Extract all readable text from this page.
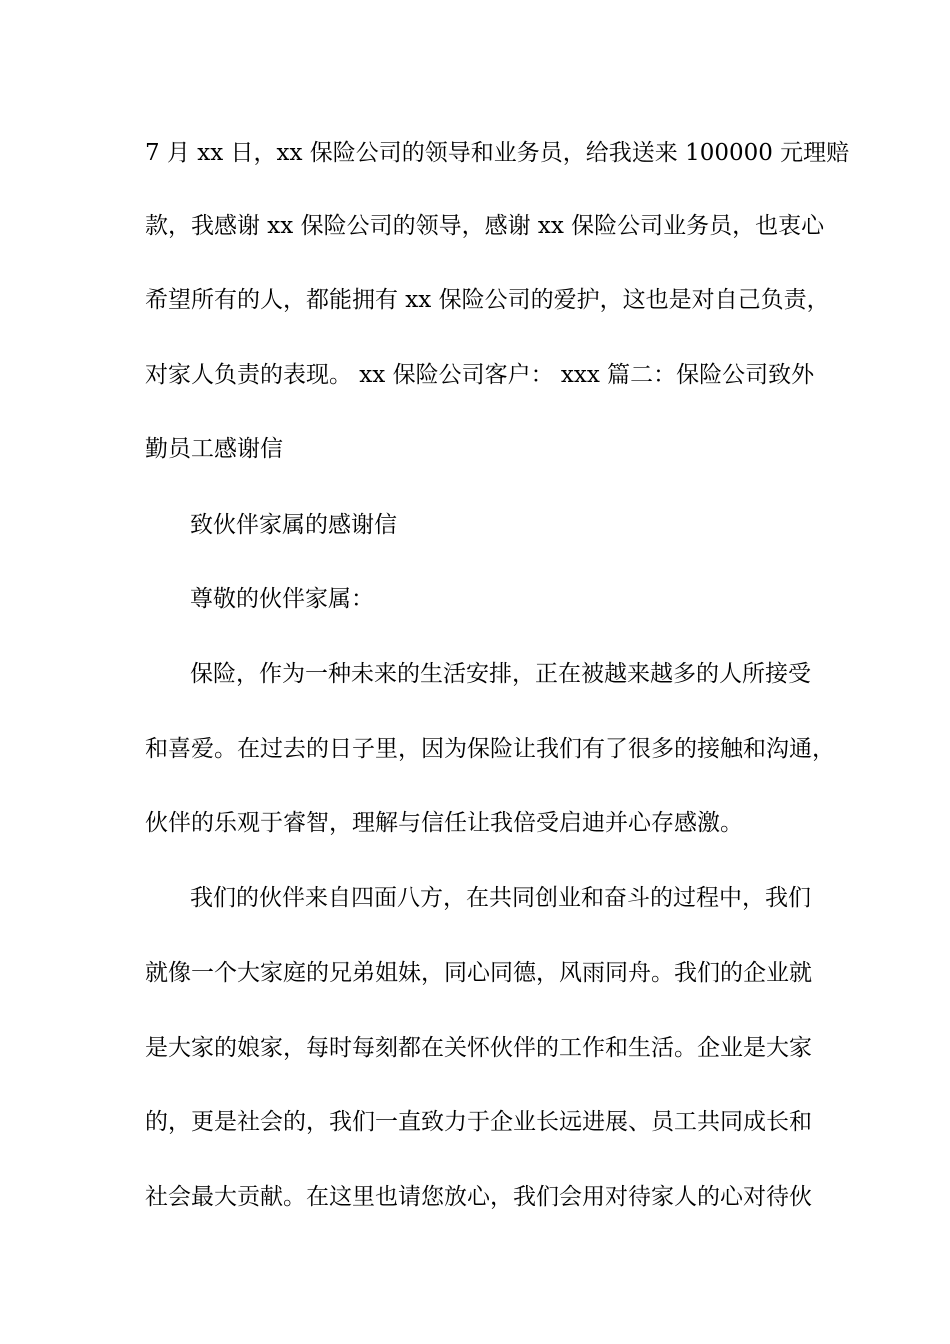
7 月 xx 日，xx 保险公司的领导和业务员，给我送来 100000 元理赔
款，我感谢 xx 保险公司的领导，感谢 xx 保险公司业务员，也衷心
希望所有的人，都能拥有 xx 保险公司的爱护，这也是对自己负责，
对家人负责的表现。 xx 保险公司客户： xxx 篇二：保险公司致外
勤员工感谢信
致伙伴家属的感谢信
尊敬的伙伴家属：
保险，作为一种未来的生活安排，正在被越来越多的人所接受
和喜爱。在过去的日子里，因为保险让我们有了很多的接触和沟通，
伙伴的乐观于睿智，理解与信任让我倍受启迪并心存感激。
我们的伙伴来自四面八方，在共同创业和奋斗的过程中，我们
就像一个大家庭的兄弟姐妹，同心同德，风雨同舟。我们的企业就
是大家的娘家，每时每刻都在关怀伙伴的工作和生活。企业是大家
的，更是社会的，我们一直致力于企业长远进展、员工共同成长和
社会最大贡献。在这里也请您放心，我们会用对待家人的心对待伙
